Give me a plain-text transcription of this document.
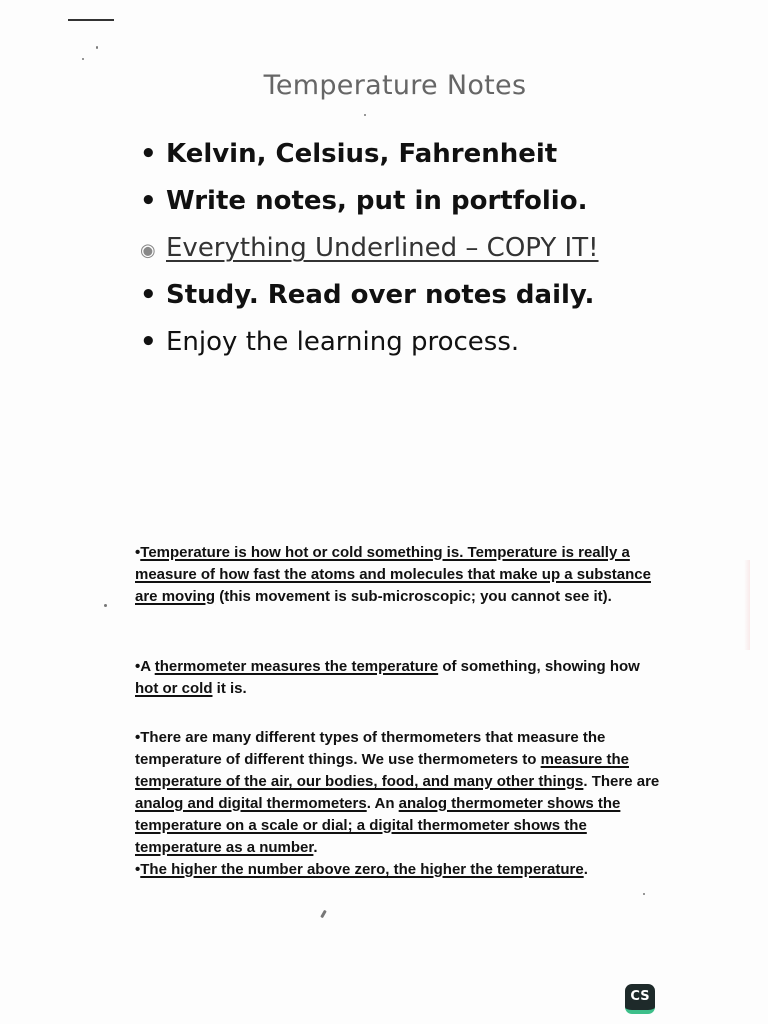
Temperature Notes
• Kelvin, Celsius, Fahrenheit
• Write notes, put in portfolio.
◉ Everything Underlined – COPY IT!
• Study. Read over notes daily.
• Enjoy the learning process.
•Temperature is how hot or cold something is. Temperature is really a measure of how fast the atoms and molecules that make up a substance are moving (this movement is sub-microscopic; you cannot see it).
•A thermometer measures the temperature of something, showing how hot or cold it is.
•There are many different types of thermometers that measure the temperature of different things. We use thermometers to measure the temperature of the air, our bodies, food, and many other things. There are analog and digital thermometers. An analog thermometer shows the temperature on a scale or dial; a digital thermometer shows the temperature as a number.
•The higher the number above zero, the higher the temperature.
CS
